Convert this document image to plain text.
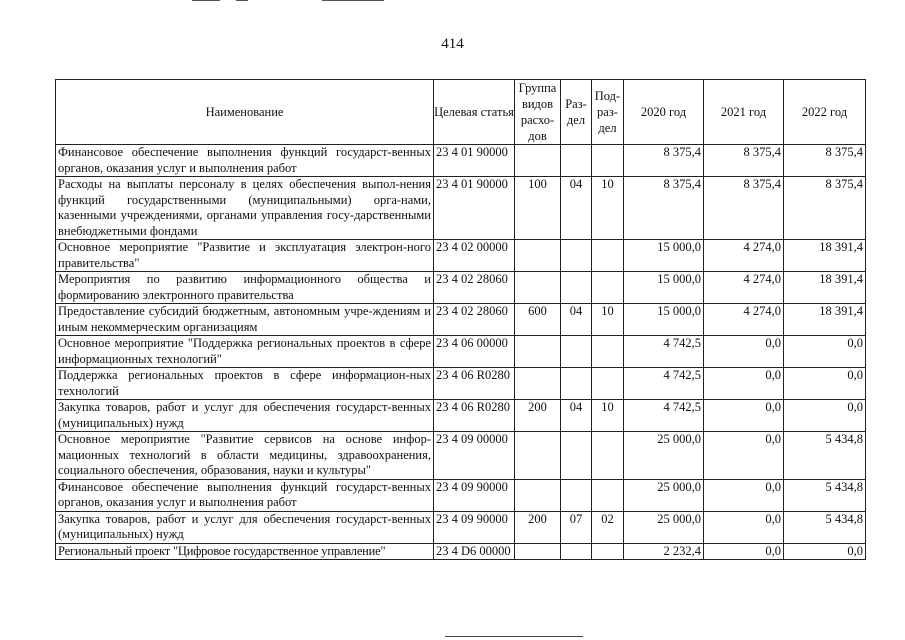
414
Наименование	Целевая статья	Группа видов расхо-дов	Раз-дел	Под-раз-дел	2020 год	2021 год	2022 год
Финансовое обеспечение выполнения функций государст-венных органов, оказания услуг и выполнения работ	23 4 01 90000				8 375,4	8 375,4	8 375,4
Расходы на выплаты персоналу в целях обеспечения выпол-нения функций государственными (муниципальными) орга-нами, казенными учреждениями, органами управления госу-дарственными внебюджетными фондами	23 4 01 90000	100	04	10	8 375,4	8 375,4	8 375,4
Основное мероприятие "Развитие и эксплуатация электрон-ного правительства"	23 4 02 00000				15 000,0	4 274,0	18 391,4
Мероприятия по развитию информационного общества и формированию электронного правительства	23 4 02 28060				15 000,0	4 274,0	18 391,4
Предоставление субсидий бюджетным, автономным учре-ждениям и иным некоммерческим организациям	23 4 02 28060	600	04	10	15 000,0	4 274,0	18 391,4
Основное мероприятие "Поддержка региональных проектов в сфере информационных технологий"	23 4 06 00000				4 742,5	0,0	0,0
Поддержка региональных проектов в сфере информацион-ных технологий	23 4 06 R0280				4 742,5	0,0	0,0
Закупка товаров, работ и услуг для обеспечения государст-венных (муниципальных) нужд	23 4 06 R0280	200	04	10	4 742,5	0,0	0,0
Основное мероприятие "Развитие сервисов на основе инфор-мационных технологий в области медицины, здравоохранения, социального обеспечения, образования, науки и культуры"	23 4 09 00000				25 000,0	0,0	5 434,8
Финансовое обеспечение выполнения функций государст-венных органов, оказания услуг и выполнения работ	23 4 09 90000				25 000,0	0,0	5 434,8
Закупка товаров, работ и услуг для обеспечения государст-венных (муниципальных) нужд	23 4 09 90000	200	07	02	25 000,0	0,0	5 434,8
Региональный проект "Цифровое государственное управление"	23 4 D6 00000				2 232,4	0,0	0,0
